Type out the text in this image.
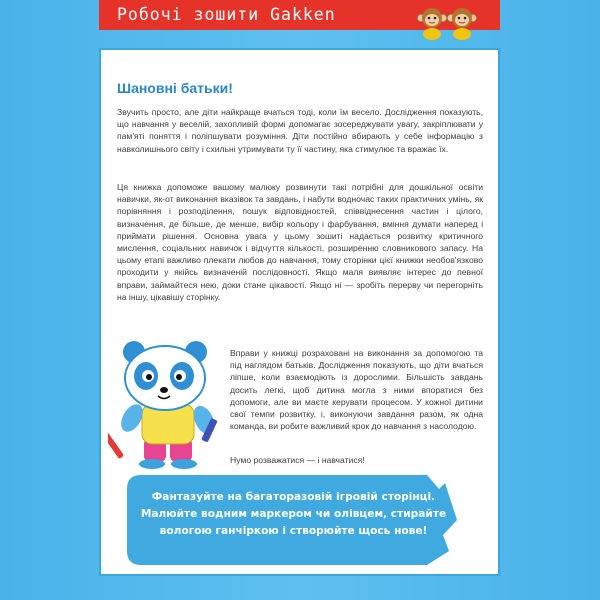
Робочі зошити Gakken
Шановні батьки!
Звучить просто, але діти найкраще вчаться тоді, коли їм весело. Дослідження показують, що навчання у веселій, захопливій формі допомагає зосереджувати увагу, закріплювати у пам'яті поняття і поліпшувати розуміння. Діти постійно вбирають у себе інформацію з навколишнього світу і схильні утримувати ту її частину, яка стимулює та вражає їх.
Ця книжка допоможе вашому малюку розвинути такі потрібні для дошкільної освіти навички, як-от виконання вказівок та завдань, і набути водночас таких практичних умінь, як порівняння і розподілення, пошук відповідностей, співвіднесення частин і цілого, визначення, де більше, де менше, вибір кольору і фарбування, вміння думати наперед і приймати рішення. Основна увага у цьому зошиті надається розвитку критичного мислення, соціальних навичок і відчуття кількості, розширенню словникового запасу. На цьому етапі важливо плекати любов до навчання, тому сторінки цієї книжки необов'язково проходити у якійсь визначеній послідовності. Якщо маля виявляє інтерес до певної вправи, займайтеся нею, доки стане цікавості. Якщо ні — зробіть перерву чи перегорніть на іншу, цікавішу сторінку.
Вправи у книжці розраховані на виконання за допомогою та під наглядом батьків. Дослідження показують, що діти вчаться ліпше, коли взаємодіють із дорослими. Більшість завдань досить легкі, щоб дитина могла з ними впоратися без допомоги, але ви маєте керувати процесом. У кожної дитини свої темпи розвитку, і, виконуючи завдання разом, як одна команда, ви робите важливий крок до навчання з насолодою.
Нумо розважатися — і навчатися!
Фантазуйте на багаторазовій ігровій сторінці.
Малюйте водним маркером чи олівцем, стирайте
вологою ганчіркою і створюйте щось нове!
